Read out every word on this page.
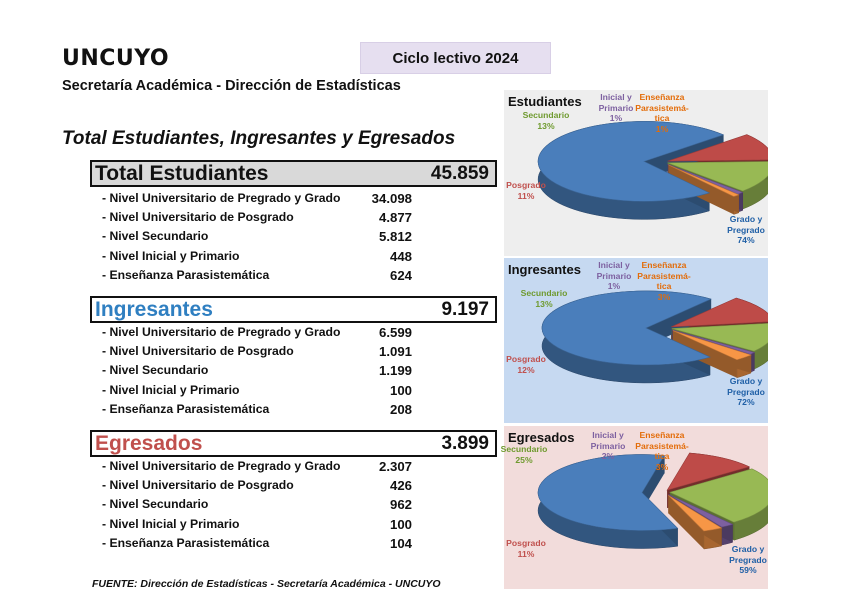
UNCUYO
Secretaría Académica - Dirección de Estadísticas
Ciclo lectivo 2024
Total Estudiantes, Ingresantes y Egresados
Total Estudiantes	45.859
- Nivel Universitario de Pregrado y Grado 34.098
- Nivel Universitario de Posgrado	4.877
- Nivel Secundario	5.812
- Nivel Inicial y Primario	448
- Enseñanza Parasistemática	624
Ingresantes	9.197
- Nivel Universitario de Pregrado y Grado	6.599
- Nivel Universitario de Posgrado	1.091
- Nivel Secundario	1.199
- Nivel Inicial y Primario	100
- Enseñanza Parasistemática	208
Egresados	3.899
- Nivel Universitario de Pregrado y Grado	2.307
- Nivel Universitario de Posgrado	426
- Nivel Secundario	962
- Nivel Inicial y Primario	100
- Enseñanza Parasistemática	104
FUENTE: Dirección de Estadísticas - Secretaría Académica - UNCUYO
Estudiantes
Grado y
Pregrado
74%
Posgrado
11%
Secundario
13%
Inicial y
Primario
1%
Enseñanza
Parasistemá-
tica
1%
Ingresantes
Grado y
Pregrado
72%
Posgrado
12%
Secundario
13%
Inicial y
Primario
1%
Enseñanza
Parasistemá-
tica
3%
Egresados
Grado y
Pregrado
59%
Posgrado
11%
Secundario
25%
Inicial y
Primario
2%
Enseñanza
Parasistemá-
tica
3%
